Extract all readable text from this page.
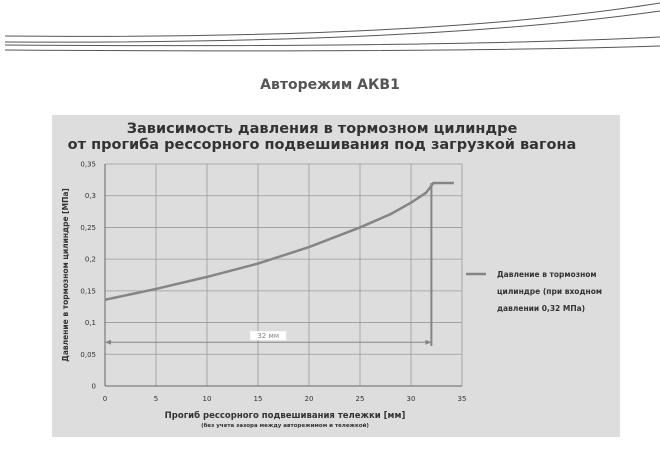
Авторежим АКВ1
Зависимость давления в тормозном цилиндре
от прогиба рессорного подвешивания под загрузкой вагона
32 мм
0	5	10	15	20	25	30	35
0
0,05
0,1
0,15
0,2
0,25
0,3
0,35
Прогиб рессорного подвешивания тележки [мм]
(без учета зазора между авторежимом и тележкой)
Давление в тормозном цилиндре [МПа]	Давление в тормозном
цилиндре (при входном
давлении 0,32 МПа)
